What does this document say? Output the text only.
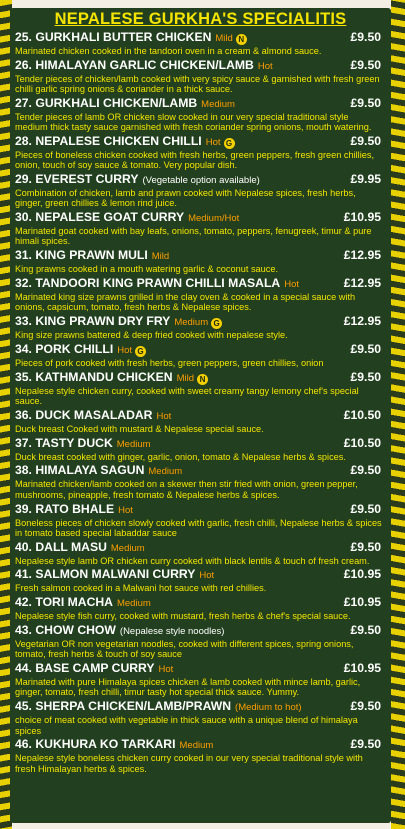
NEPALESE GURKHA'S SPECIALITIS
25. GURKHALI BUTTER CHICKEN Mild N	£9.50
Marinated chicken cooked in the tandoori oven in a cream & almond sauce.
26. HIMALAYAN GARLIC CHICKEN/LAMB Hot	£9.50
Tender pieces of chicken/lamb cooked with very spicy sauce & garnished with fresh green chilli garlic spring onions & coriander in a thick sauce.
27. GURKHALI CHICKEN/LAMB Medium	£9.50
Tender pieces of lamb OR chicken slow cooked in our very special traditional style medium thick tasty sauce garnished with fresh coriander spring onions, mouth watering.
28. NEPALESE CHICKEN CHILLI Hot G	£9.50
Pieces of boneless chicken cooked with fresh herbs, green peppers, fresh green chillies, onion, touch of soy sauce & tomato. Very popular dish.
29. EVEREST CURRY (Vegetable option available)	£9.95
Combination of chicken, lamb and prawn cooked with Nepalese spices, fresh herbs, ginger, green chillies & lemon rind juice.
30. NEPALESE GOAT CURRY Medium/Hot	£10.95
Marinated goat cooked with bay leafs, onions, tomato, peppers, fenugreek, timur & pure himali spices.
31. KING PRAWN MULI Mild	£12.95
King prawns cooked in a mouth watering garlic & coconut sauce.
32. TANDOORI KING PRAWN CHILLI MASALA Hot	£12.95
Marinated king size prawns grilled in the clay oven & cooked in a special sauce with onions, capsicum, tomato, fresh herbs & Nepalese spices.
33. KING PRAWN DRY FRY Medium G	£12.95
King size prawns battered & deep fried cooked with nepalese style.
34. PORK CHILLI Hot G	£9.50
Pieces of pork cooked with fresh herbs, green peppers, green chillies, onion
35. KATHMANDU CHICKEN Mild N	£9.50
Nepalese style chicken curry, cooked with sweet creamy tangy lemony chef's special sauce.
36. DUCK MASALADAR Hot	£10.50
Duck breast Cooked with mustard & Nepalese special sauce.
37. TASTY DUCK Medium	£10.50
Duck breast cooked with ginger, garlic, onion, tomato & Nepalese herbs & spices.
38. HIMALAYA SAGUN Medium	£9.50
Marinated chicken/lamb cooked on a skewer then stir fried with onion, green pepper, mushrooms, pineapple, fresh tomato & Nepalese herbs & spices.
39. RATO BHALE Hot	£9.50
Boneless pieces of chicken slowly cooked with garlic, fresh chilli, Nepalese herbs & spices in tomato based special labaddar sauce
40. DALL MASU Medium	£9.50
Nepalese style lamb OR chicken curry cooked with black lentils & touch of fresh cream.
41. SALMON MALWANI CURRY Hot	£10.95
Fresh salmon cooked in a Malwani hot sauce with red chillies.
42. TORI MACHA Medium	£10.95
Nepalese style fish curry, cooked with mustard, fresh herbs & chef's special sauce.
43. CHOW CHOW (Nepalese style noodles)	£9.50
Vegetarian OR non vegetarian noodles, cooked with different spices, spring onions, tomato, fresh herbs & touch of soy sauce
44. BASE CAMP CURRY Hot	£10.95
Marinated with pure Himalaya spices chicken & lamb cooked with mince lamb, garlic, ginger, tomato, fresh chilli, timur tasty hot special thick sauce. Yummy.
45. SHERPA CHICKEN/LAMB/PRAWN (Medium to hot)	£9.50
choice of meat cooked with vegetable in thick sauce with a unique blend of himalaya spices
46. KUKHURA KO TARKARI Medium	£9.50
Nepalese style boneless chicken curry cooked in our very special traditional style with fresh Himalayan herbs & spices.
